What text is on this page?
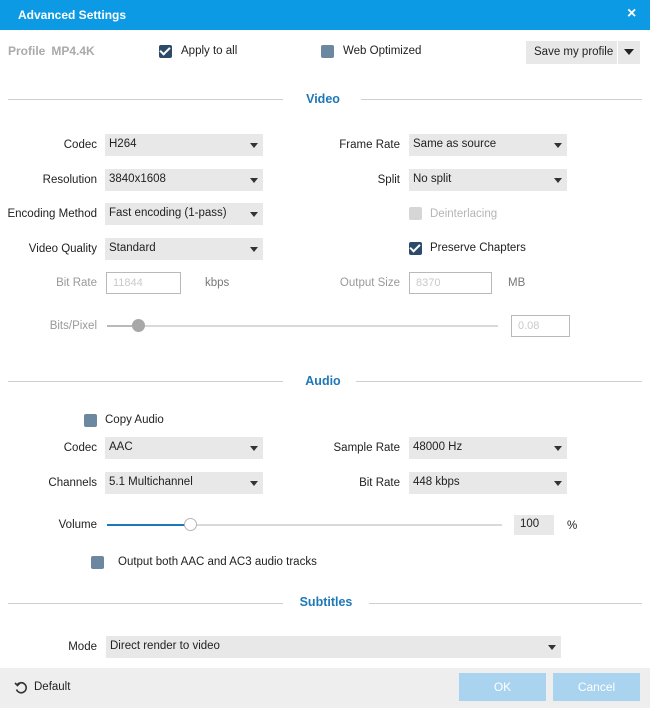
Advanced Settings	×
Profile MP4.4K	Apply to all	Web Optimized	Save my profile
Video
Codec H264
Resolution 3840x1608
Encoding Method Fast encoding (1-pass)
Video Quality Standard
Bit Rate 11844	kbps
Frame Rate Same as source
Split No split
Deinterlacing
Preserve Chapters
Output Size 8370	MB
Bits/Pixel	0.08
Audio
Copy Audio
Codec AAC
Channels 5.1 Multichannel
Sample Rate 48000 Hz
Bit Rate 448 kbps
Volume	100 %
Output both AAC and AC3 audio tracks
Subtitles
Mode Direct render to video
Default	OK	Cancel
